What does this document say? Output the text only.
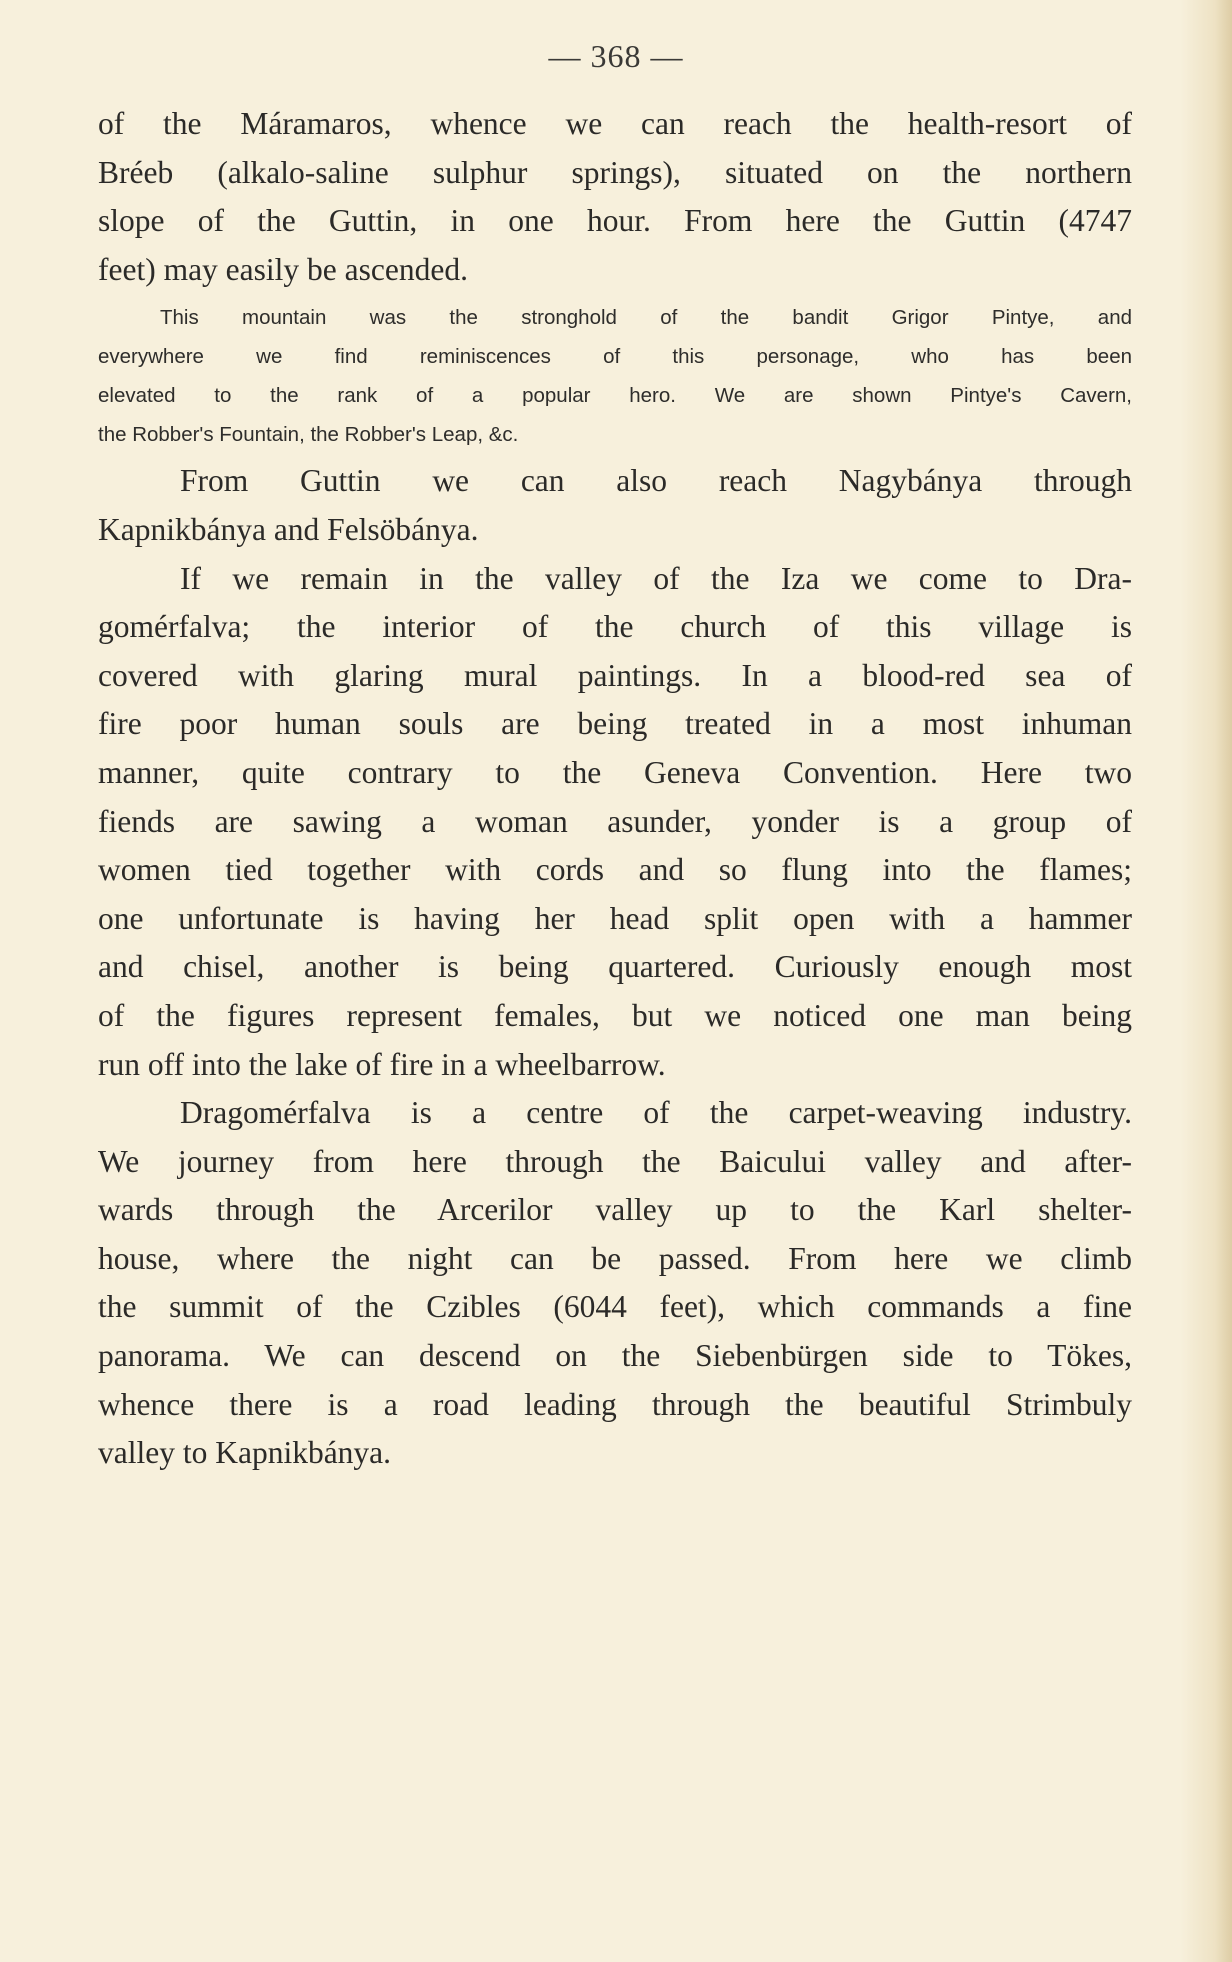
— 368 —
of the Máramaros, whence we can reach the health-resort of
Bréeb (alkalo-saline sulphur springs), situated on the northern
slope of the Guttin, in one hour. From here the Guttin (4747
feet) may easily be ascended.
This mountain was the stronghold of the bandit Grigor Pintye, and
everywhere we find reminiscences of this personage, who has been
elevated to the rank of a popular hero. We are shown Pintye's Cavern,
the Robber's Fountain, the Robber's Leap, &c.
From Guttin we can also reach Nagybánya through
Kapnikbánya and Felsöbánya.
If we remain in the valley of the Iza we come to Dra-
gomérfalva; the interior of the church of this village is
covered with glaring mural paintings. In a blood-red sea of
fire poor human souls are being treated in a most inhuman
manner, quite contrary to the Geneva Convention. Here two
fiends are sawing a woman asunder, yonder is a group of
women tied together with cords and so flung into the flames;
one unfortunate is having her head split open with a hammer
and chisel, another is being quartered. Curiously enough most
of the figures represent females, but we noticed one man being
run off into the lake of fire in a wheelbarrow.
Dragomérfalva is a centre of the carpet-weaving industry.
We journey from here through the Baicului valley and after-
wards through the Arcerilor valley up to the Karl shelter-
house, where the night can be passed. From here we climb
the summit of the Czibles (6044 feet), which commands a fine
panorama. We can descend on the Siebenbürgen side to Tökes,
whence there is a road leading through the beautiful Strimbuly
valley to Kapnikbánya.
